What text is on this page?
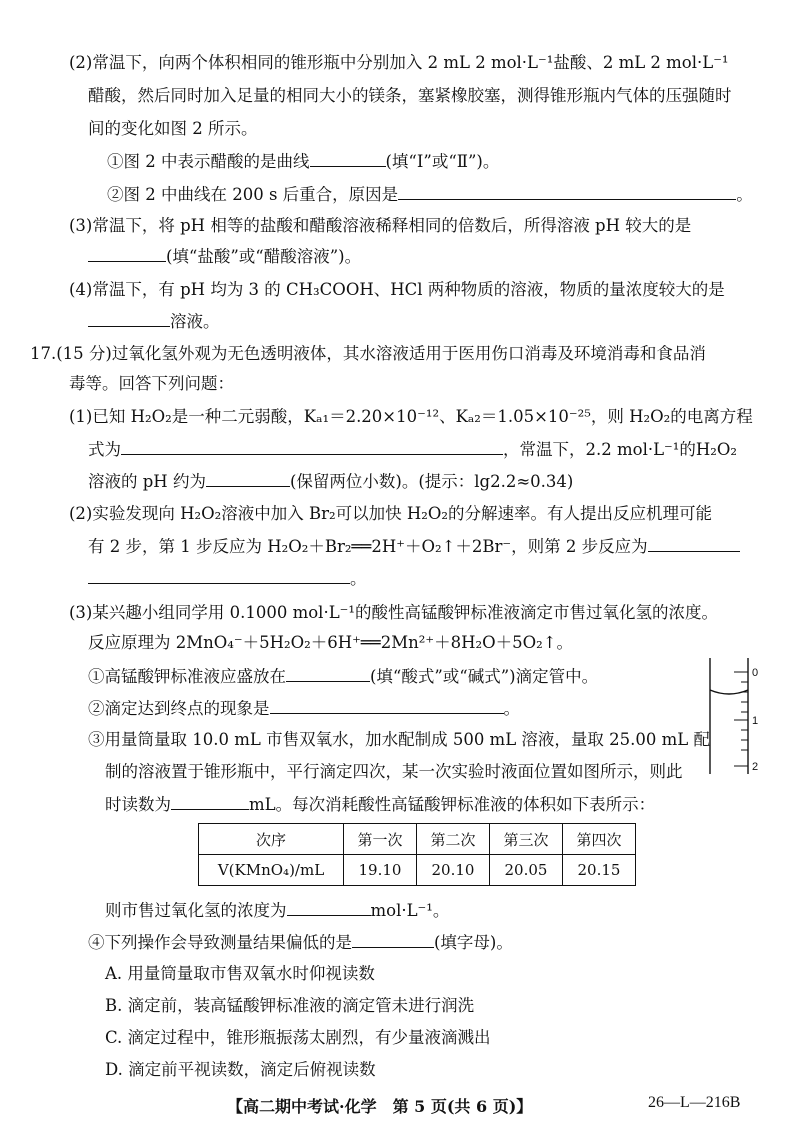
(2)常温下，向两个体积相同的锥形瓶中分别加入 2 mL 2 mol·L⁻¹盐酸、2 mL 2 mol·L⁻¹
醋酸，然后同时加入足量的相同大小的镁条，塞紧橡胶塞，测得锥形瓶内气体的压强随时
间的变化如图 2 所示。
①图 2 中表示醋酸的是曲线	(填“Ⅰ”或“Ⅱ”)。
②图 2 中曲线在 200 s 后重合，原因是	。
(3)常温下，将 pH 相等的盐酸和醋酸溶液稀释相同的倍数后，所得溶液 pH 较大的是
(填“盐酸”或“醋酸溶液”)。
(4)常温下，有 pH 均为 3 的 CH₃COOH、HCl 两种物质的溶液，物质的量浓度较大的是
溶液。
17.(15 分)过氧化氢外观为无色透明液体，其水溶液适用于医用伤口消毒及环境消毒和食品消
毒等。回答下列问题：
(1)已知 H₂O₂是一种二元弱酸，Kₐ₁＝2.20×10⁻¹²、Kₐ₂＝1.05×10⁻²⁵，则 H₂O₂的电离方程
式为	，常温下，2.2 mol·L⁻¹的H₂O₂
溶液的 pH 约为	(保留两位小数)。(提示：lg2.2≈0.34)
(2)实验发现向 H₂O₂溶液中加入 Br₂可以加快 H₂O₂的分解速率。有人提出反应机理可能
有 2 步，第 1 步反应为 H₂O₂＋Br₂══2H⁺＋O₂↑＋2Br⁻，则第 2 步反应为
。
(3)某兴趣小组同学用 0.1000 mol·L⁻¹的酸性高锰酸钾标准液滴定市售过氧化氢的浓度。
反应原理为 2MnO₄⁻＋5H₂O₂＋6H⁺══2Mn²⁺＋8H₂O＋5O₂↑。
①高锰酸钾标准液应盛放在	(填“酸式”或“碱式”)滴定管中。
②滴定达到终点的现象是	。
③用量筒量取 10.0 mL 市售双氧水，加水配制成 500 mL 溶液，量取 25.00 mL 配
制的溶液置于锥形瓶中，平行滴定四次，某一次实验时液面位置如图所示，则此
时读数为	mL。每次消耗酸性高锰酸钾标准液的体积如下表所示：
0
1
2
次序	第一次	第二次	第三次	第四次
V(KMnO₄)/mL	19.10	20.10	20.05	20.15
则市售过氧化氢的浓度为	mol·L⁻¹。
④下列操作会导致测量结果偏低的是	(填字母)。
A. 用量筒量取市售双氧水时仰视读数
B. 滴定前，装高锰酸钾标准液的滴定管未进行润洗
C. 滴定过程中，锥形瓶振荡太剧烈，有少量液滴溅出
D. 滴定前平视读数，滴定后俯视读数
【高二期中考试·化学　第 5 页(共 6 页)】	26—L—216B
